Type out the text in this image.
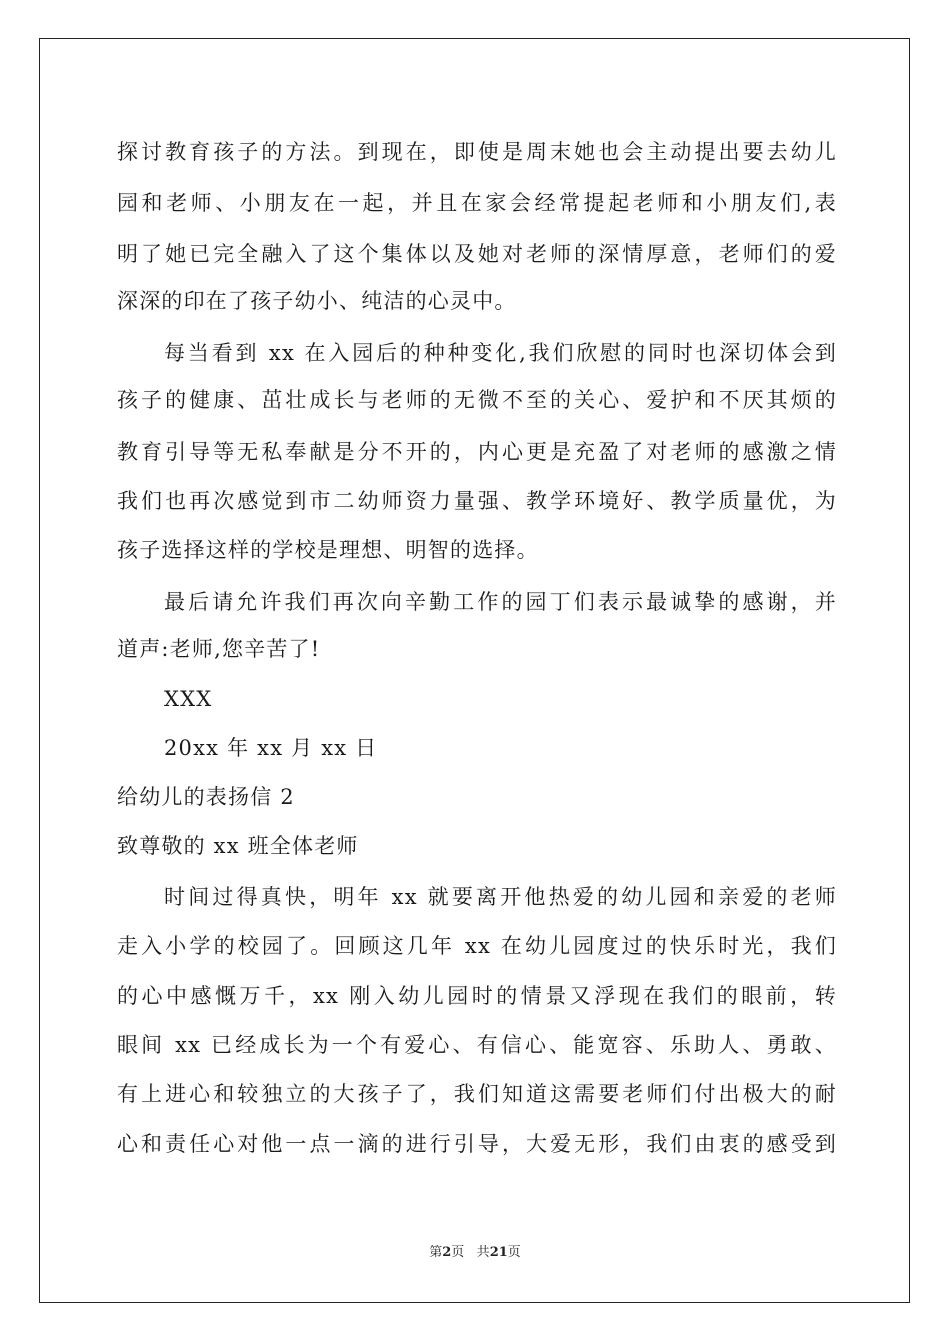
探讨教育孩子的方法。到现在，即使是周末她也会主动提出要去幼儿
园和老师、小朋友在一起，并且在家会经常提起老师和小朋友们,表
明了她已完全融入了这个集体以及她对老师的深情厚意，老师们的爱
深深的印在了孩子幼小、纯洁的心灵中。
每当看到 xx 在入园后的种种变化,我们欣慰的同时也深切体会到
孩子的健康、茁壮成长与老师的无微不至的关心、爱护和不厌其烦的
教育引导等无私奉献是分不开的，内心更是充盈了对老师的感激之情
我们也再次感觉到市二幼师资力量强、教学环境好、教学质量优，为
孩子选择这样的学校是理想、明智的选择。
最后请允许我们再次向辛勤工作的园丁们表示最诚挚的感谢，并
道声:老师,您辛苦了!
XXX
20xx 年 xx 月 xx 日
给幼儿的表扬信 2
致尊敬的 xx 班全体老师
时间过得真快，明年 xx 就要离开他热爱的幼儿园和亲爱的老师
走入小学的校园了。回顾这几年 xx 在幼儿园度过的快乐时光，我们
的心中感慨万千，xx 刚入幼儿园时的情景又浮现在我们的眼前，转
眼间 xx 已经成长为一个有爱心、有信心、能宽容、乐助人、勇敢、
有上进心和较独立的大孩子了，我们知道这需要老师们付出极大的耐
心和责任心对他一点一滴的进行引导，大爱无形，我们由衷的感受到
第2页 共21页
